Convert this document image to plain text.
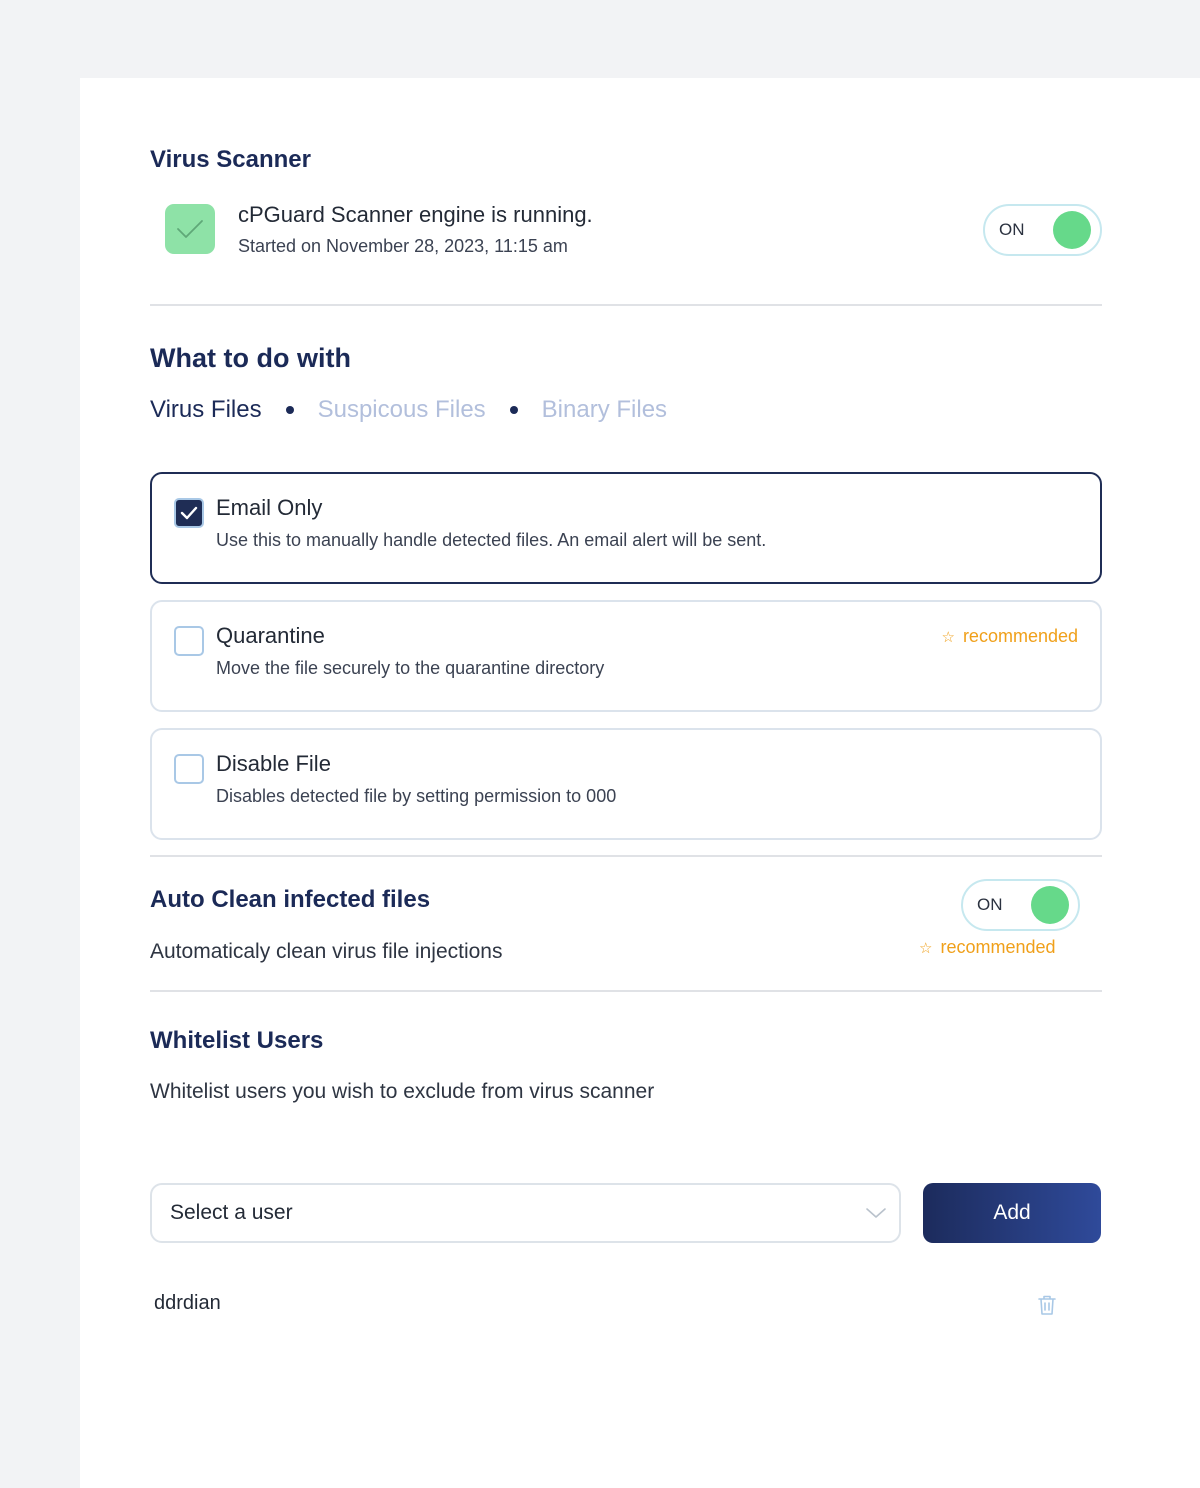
Virus Scanner
cPGuard Scanner engine is running.
Started on November 28, 2023, 11:15 am
ON
What to do with
Virus Files Suspicous Files Binary Files
Email Only
Use this to manually handle detected files. An email alert will be sent.
Quarantine
Move the file securely to the quarantine directory
☆ recommended
Disable File
Disables detected file by setting permission to 000
Auto Clean infected files
Automaticaly clean virus file injections
ON
☆ recommended
Whitelist Users
Whitelist users you wish to exclude from virus scanner
Select a user	Add
ddrdian
